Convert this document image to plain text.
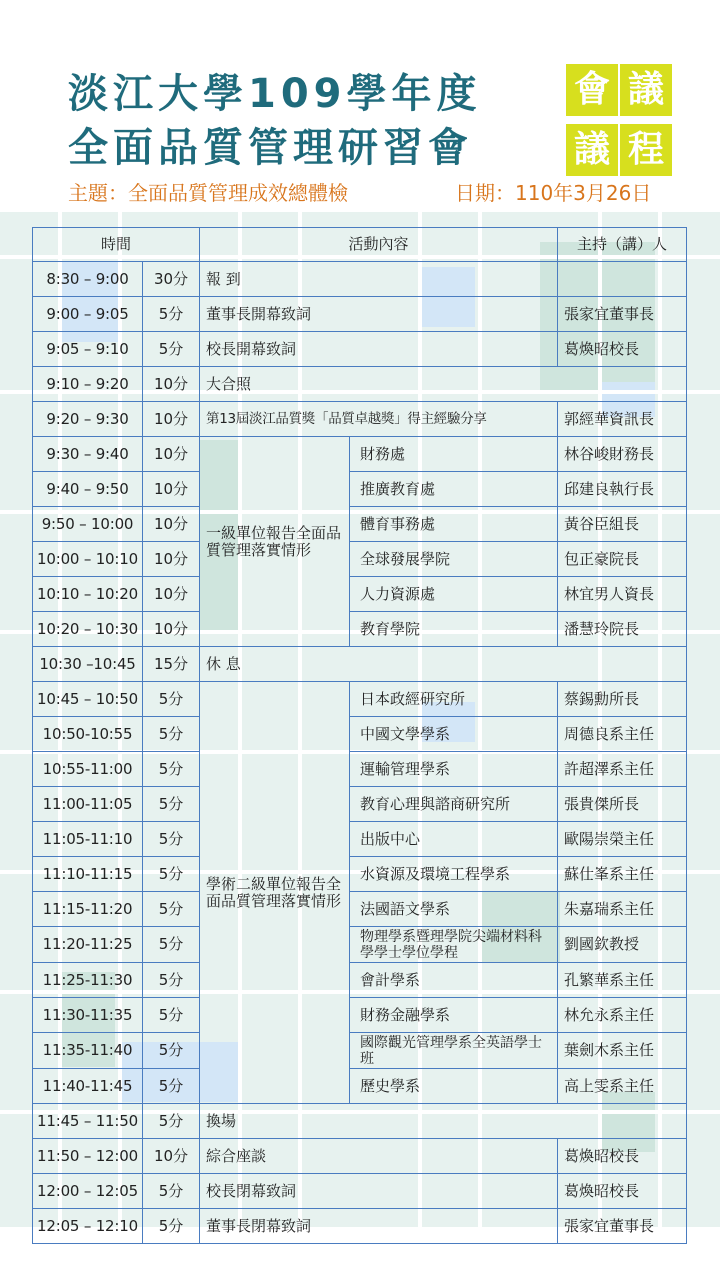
淡江大學109學年度
全面品質管理研習會
會 議
議 程
主題：全面品質管理成效總體檢	日期：110年3月26日
時間		活動內容		主持（講）人
8:30 – 9:00	30分	報 到		
9:00 – 9:05	5分	董事長開幕致詞		張家宜董事長
9:05 – 9:10	5分	校長開幕致詞		葛煥昭校長
9:10 – 9:20	10分	大合照		
9:20 – 9:30	10分	第13屆淡江品質獎「品質卓越獎」得主經驗分享		郭經華資訊長
9:30 – 9:40	10分	一級單位報告全面品質管理落實情形	財務處	林谷峻財務長
9:40 – 9:50	10分		推廣教育處	邱建良執行長
9:50 – 10:00	10分		體育事務處	黃谷臣組長
10:00 – 10:10	10分		全球發展學院	包正豪院長
10:10 – 10:20	10分		人力資源處	林宜男人資長
10:20 – 10:30	10分		教育學院	潘慧玲院長
10:30 –10:45	15分	休 息		
10:45 – 10:50	5分	學術二級單位報告全面品質管理落實情形	日本政經研究所	蔡錫勳所長
10:50-10:55	5分		中國文學學系	周德良系主任
10:55-11:00	5分		運輸管理學系	許超澤系主任
11:00-11:05	5分		教育心理與諮商研究所	張貴傑所長
11:05-11:10	5分		出版中心	歐陽崇榮主任
11:10-11:15	5分		水資源及環境工程學系	蘇仕峯系主任
11:15-11:20	5分		法國語文學系	朱嘉瑞系主任
11:20-11:25	5分		物理學系暨理學院尖端材料科學學士學位學程	劉國欽教授
11:25-11:30	5分		會計學系	孔繁華系主任
11:30-11:35	5分		財務金融學系	林允永系主任
11:35-11:40	5分		國際觀光管理學系全英語學士班	葉劍木系主任
11:40-11:45	5分		歷史學系	高上雯系主任
11:45 – 11:50	5分	換場		
11:50 – 12:00	10分	綜合座談		葛煥昭校長
12:00 – 12:05	5分	校長閉幕致詞		葛煥昭校長
12:05 – 12:10	5分	董事長閉幕致詞		張家宜董事長
